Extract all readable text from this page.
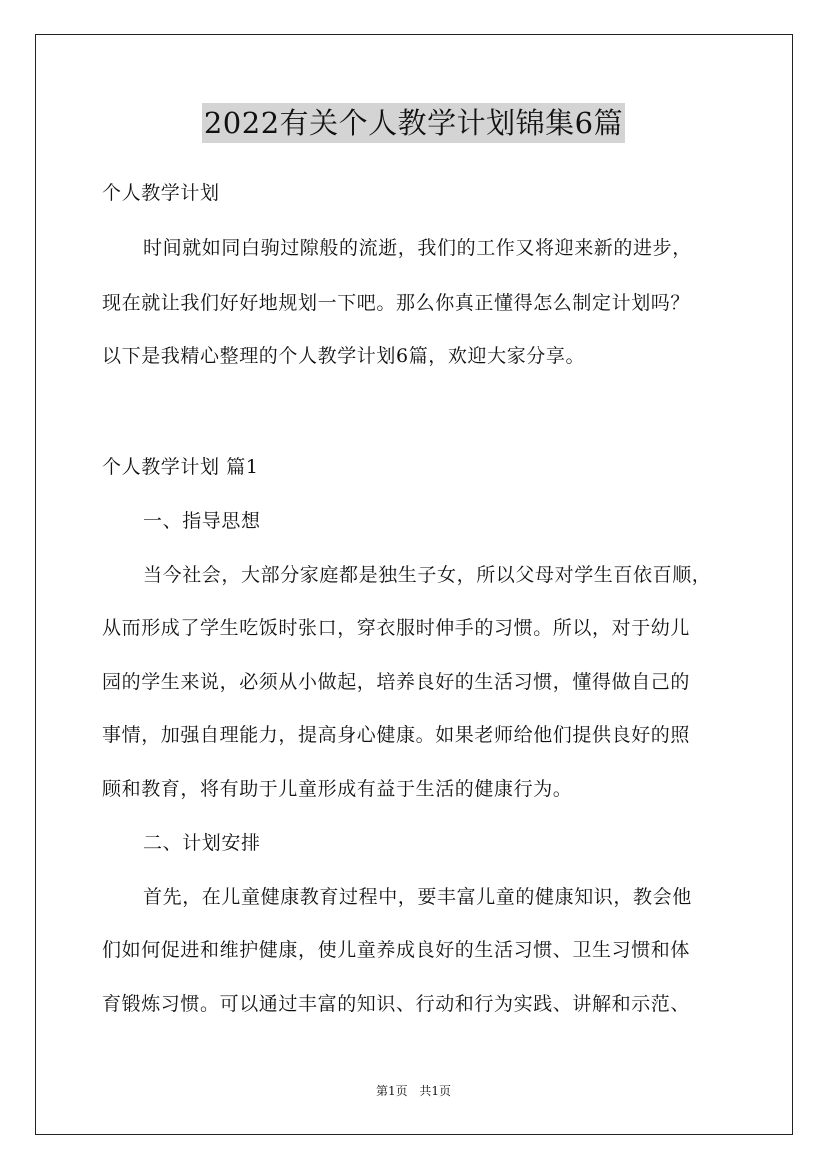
2022有关个人教学计划锦集6篇
个人教学计划
时间就如同白驹过隙般的流逝，我们的工作又将迎来新的进步，
现在就让我们好好地规划一下吧。那么你真正懂得怎么制定计划吗？
以下是我精心整理的个人教学计划6篇，欢迎大家分享。
个人教学计划 篇1
一、指导思想
当今社会，大部分家庭都是独生子女，所以父母对学生百依百顺，
从而形成了学生吃饭时张口，穿衣服时伸手的习惯。所以，对于幼儿
园的学生来说，必须从小做起，培养良好的生活习惯，懂得做自己的
事情，加强自理能力，提高身心健康。如果老师给他们提供良好的照
顾和教育，将有助于儿童形成有益于生活的健康行为。
二、计划安排
首先，在儿童健康教育过程中，要丰富儿童的健康知识，教会他
们如何促进和维护健康，使儿童养成良好的生活习惯、卫生习惯和体
育锻炼习惯。可以通过丰富的知识、行动和行为实践、讲解和示范、
第1页 共1页
